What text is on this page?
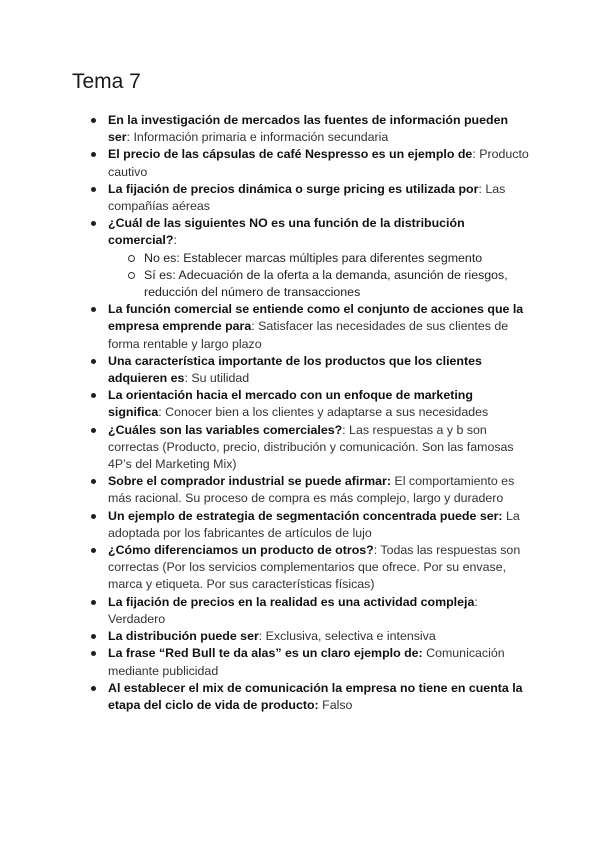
Tema 7
En la investigación de mercados las fuentes de información pueden ser: Información primaria e información secundaria
El precio de las cápsulas de café Nespresso es un ejemplo de: Producto cautivo
La fijación de precios dinámica o surge pricing es utilizada por: Las compañías aéreas
¿Cuál de las siguientes NO es una función de la distribución comercial?:
No es: Establecer marcas múltiples para diferentes segmento
Sí es: Adecuación de la oferta a la demanda, asunción de riesgos, reducción del número de transacciones
La función comercial se entiende como el conjunto de acciones que la empresa emprende para: Satisfacer las necesidades de sus clientes de forma rentable y largo plazo
Una característica importante de los productos que los clientes adquieren es: Su utilidad
La orientación hacia el mercado con un enfoque de marketing significa: Conocer bien a los clientes y adaptarse a sus necesidades
¿Cuáles son las variables comerciales?: Las respuestas a y b son correctas (Producto, precio, distribución y comunicación. Son las famosas 4P’s del Marketing Mix)
Sobre el comprador industrial se puede afirmar: El comportamiento es más racional. Su proceso de compra es más complejo, largo y duradero
Un ejemplo de estrategia de segmentación concentrada puede ser: La adoptada por los fabricantes de artículos de lujo
¿Cómo diferenciamos un producto de otros?: Todas las respuestas son correctas (Por los servicios complementarios que ofrece. Por su envase, marca y etiqueta. Por sus características físicas)
La fijación de precios en la realidad es una actividad compleja: Verdadero
La distribución puede ser: Exclusiva, selectiva e intensiva
La frase “Red Bull te da alas” es un claro ejemplo de: Comunicación mediante publicidad
Al establecer el mix de comunicación la empresa no tiene en cuenta la etapa del ciclo de vida de producto: Falso
